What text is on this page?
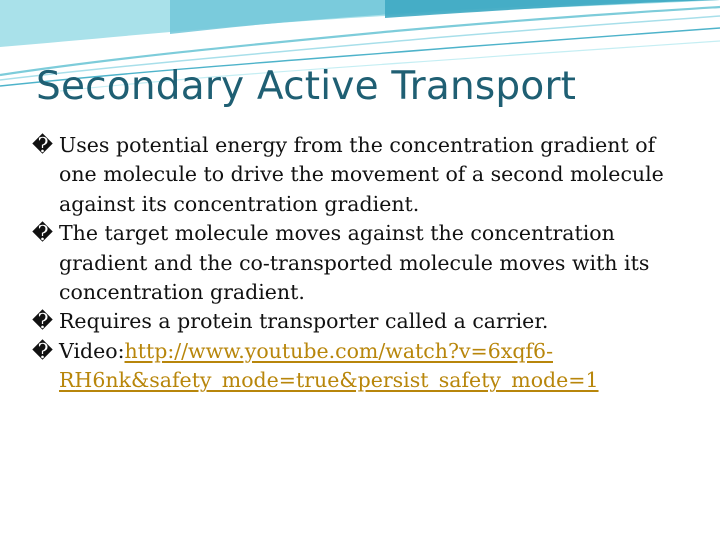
Secondary Active Transport
� Uses potential energy from the concentration gradient of one molecule to drive the movement of a second molecule against its concentration gradient.
� The target molecule moves against the concentration gradient and the co-transported molecule moves with its concentration gradient.
� Requires a protein transporter called a carrier.
� Video:http://www.youtube.com/watch?v=6xqf6-
RH6nk&safety_mode=true&persist_safety_mode=1
